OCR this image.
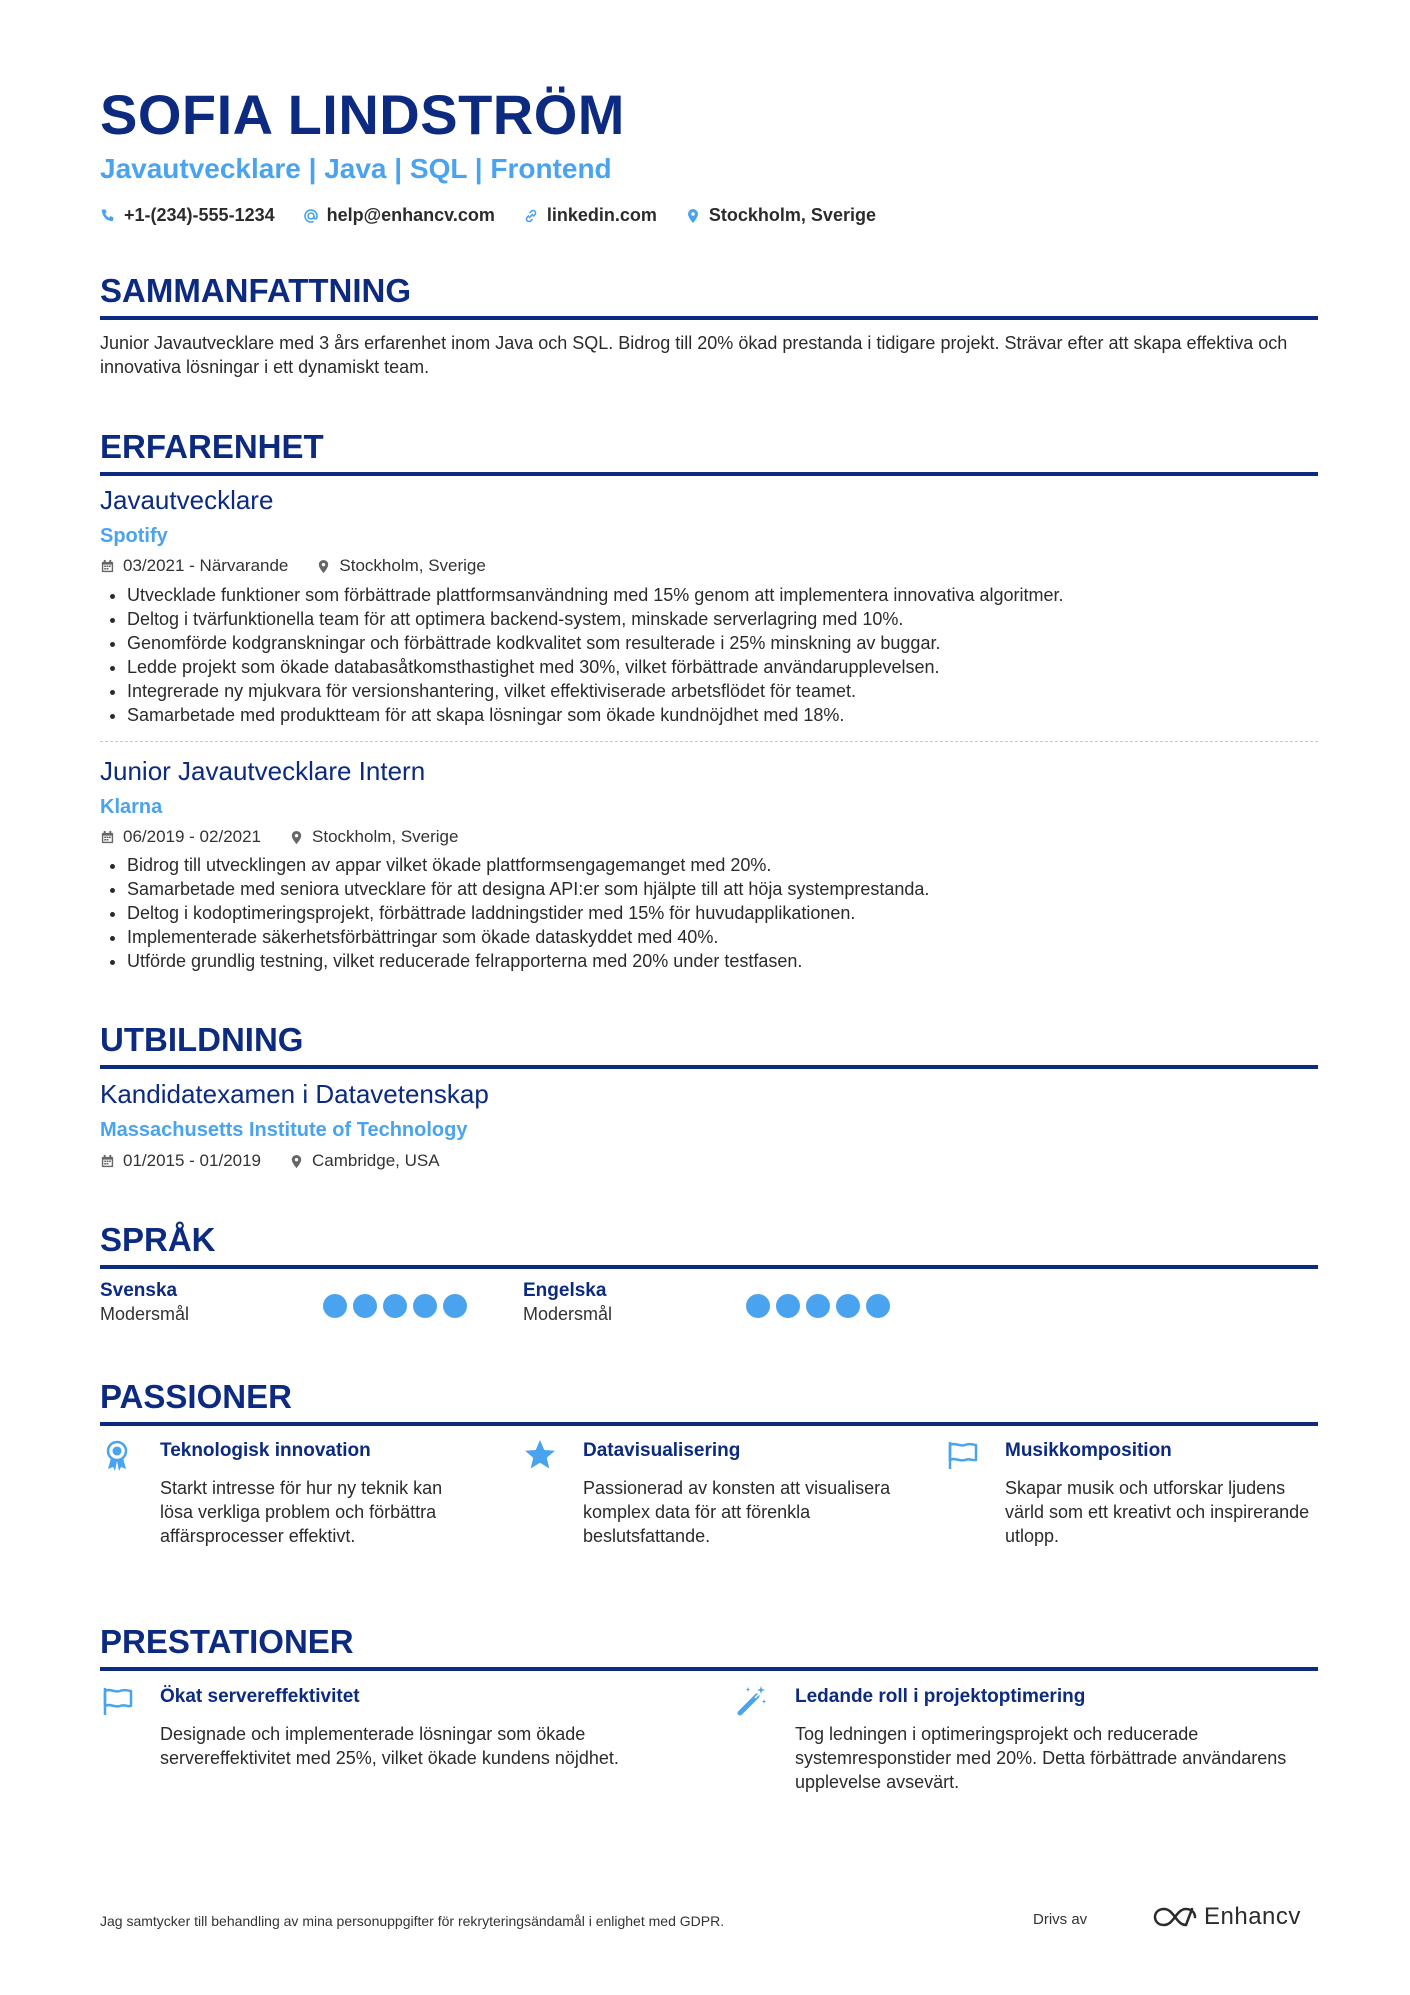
SOFIA LINDSTRÖM
Javautvecklare | Java | SQL | Frontend
+1-(234)-555-1234	help@enhancv.com	linkedin.com	Stockholm, Sverige
SAMMANFATTNING

Junior Javautvecklare med 3 års erfarenhet inom Java och SQL. Bidrog till 20% ökad prestanda i tidigare projekt. Strävar efter att skapa effektiva och innovativa lösningar i ett dynamiskt team.

ERFARENHET
Javautvecklare
Spotify
03/2021 - Närvarande	Stockholm, Sverige
• Utvecklade funktioner som förbättrade plattformsanvändning med 15% genom att implementera innovativa algoritmer.
• Deltog i tvärfunktionella team för att optimera backend-system, minskade serverlagring med 10%.
• Genomförde kodgranskningar och förbättrade kodkvalitet som resulterade i 25% minskning av buggar.
• Ledde projekt som ökade databasåtkomsthastighet med 30%, vilket förbättrade användarupplevelsen.
• Integrerade ny mjukvara för versionshantering, vilket effektiviserade arbetsflödet för teamet.
• Samarbetade med produktteam för att skapa lösningar som ökade kundnöjdhet med 18%.
Junior Javautvecklare Intern
Klarna
06/2019 - 02/2021	Stockholm, Sverige
• Bidrog till utvecklingen av appar vilket ökade plattformsengagemanget med 20%.
• Samarbetade med seniora utvecklare för att designa API:er som hjälpte till att höja systemprestanda.
• Deltog i kodoptimeringsprojekt, förbättrade laddningstider med 15% för huvudapplikationen.
• Implementerade säkerhetsförbättringar som ökade dataskyddet med 40%.
• Utförde grundlig testning, vilket reducerade felrapporterna med 20% under testfasen.
UTBILDNING
Kandidatexamen i Datavetenskap
Massachusetts Institute of Technology
01/2015 - 01/2019	Cambridge, USA
SPRÅK
Svenska
Modersmål
Engelska
Modersmål
PASSIONER
Teknologisk innovation

Starkt intresse för hur ny teknik kan lösa verkliga problem och förbättra affärsprocesser effektivt.

Datavisualisering

Passionerad av konsten att visualisera komplex data för att förenkla beslutsfattande.

Musikkomposition

Skapar musik och utforskar ljudens värld som ett kreativt och inspirerande utlopp.

PRESTATIONER
Ökat servereffektivitet

Designade och implementerade lösningar som ökade servereffektivitet med 25%, vilket ökade kundens nöjdhet.

Ledande roll i projektoptimering

Tog ledningen i optimeringsprojekt och reducerade systemresponstider med 20%. Detta förbättrade användarens upplevelse avsevärt.

Jag samtycker till behandling av mina personuppgifter för rekryteringsändamål i enlighet med GDPR.	Drivs av	Enhancv
